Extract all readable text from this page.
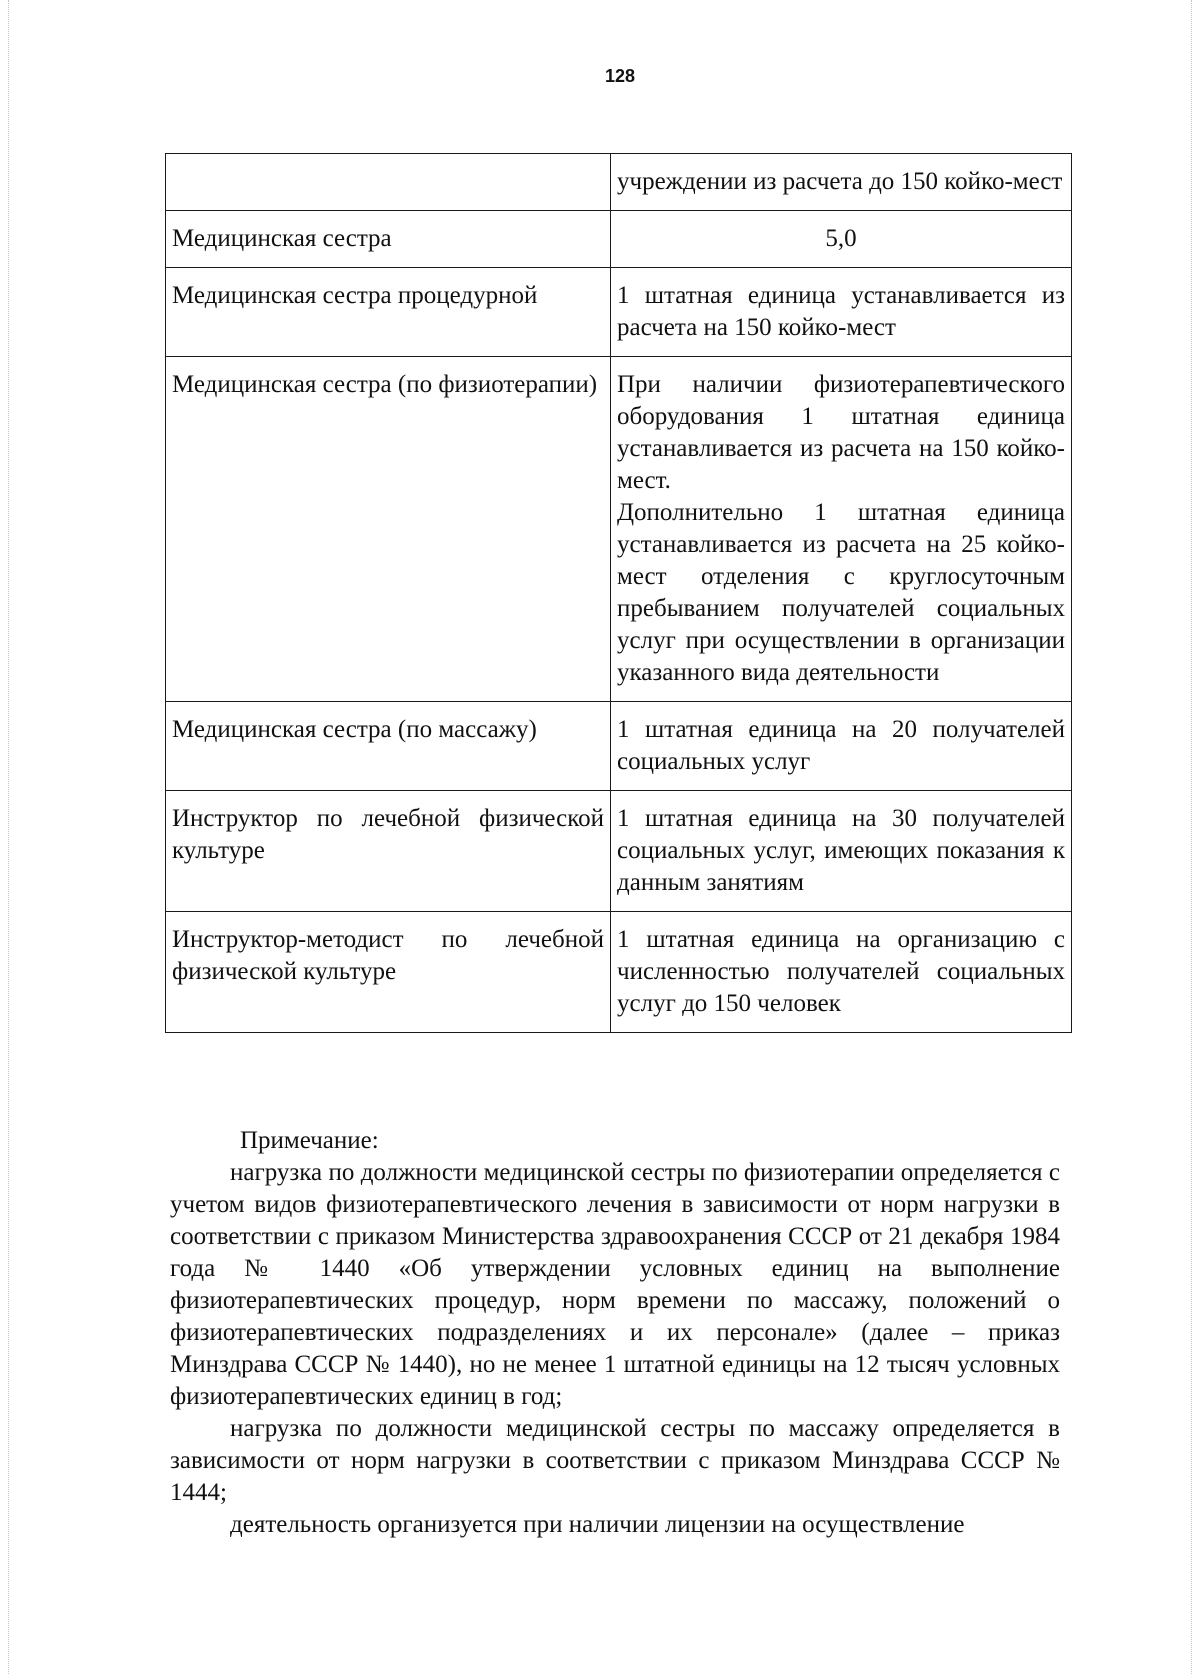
128
	учреждении из расчета до 150 койко-мест
Медицинская сестра	5,0
Медицинская сестра процедурной	1 штатная единица устанавливается из расчета на 150 койко-мест
Медицинская сестра (по физиотерапии)	При наличии физиотерапевтического оборудования 1 штатная единица устанавливается из расчета на 150 койко-мест.
Дополнительно 1 штатная единица устанавливается из расчета на 25 койко-мест отделения с круглосуточным пребыванием получателей социальных услуг при осуществлении в организации указанного вида деятельности

Медицинская сестра (по массажу)	1 штатная единица на 20 получателей социальных услуг
Инструктор по лечебной физической культуре	1 штатная единица на 30 получателей социальных услуг, имеющих показания к данным занятиям
Инструктор-методист по лечебной физической культуре	1 штатная единица на организацию с численностью получателей социальных услуг до 150 человек

Примечание:

нагрузка по должности медицинской сестры по физиотерапии определяется с учетом видов физиотерапевтического лечения в зависимости от норм нагрузки в соответствии с приказом Министерства здравоохранения СССР от 21 декабря 1984 года № 1440 «Об утверждении условных единиц на выполнение физиотерапевтических процедур, норм времени по массажу, положений о физиотерапевтических подразделениях и их персонале» (далее – приказ Минздрава СССР № 1440), но не менее 1 штатной единицы на 12 тысяч условных физиотерапевтических единиц в год;

нагрузка по должности медицинской сестры по массажу определяется в зависимости от норм нагрузки в соответствии с приказом Минздрава СССР № 1444;

деятельность организуется при наличии лицензии на осуществление
